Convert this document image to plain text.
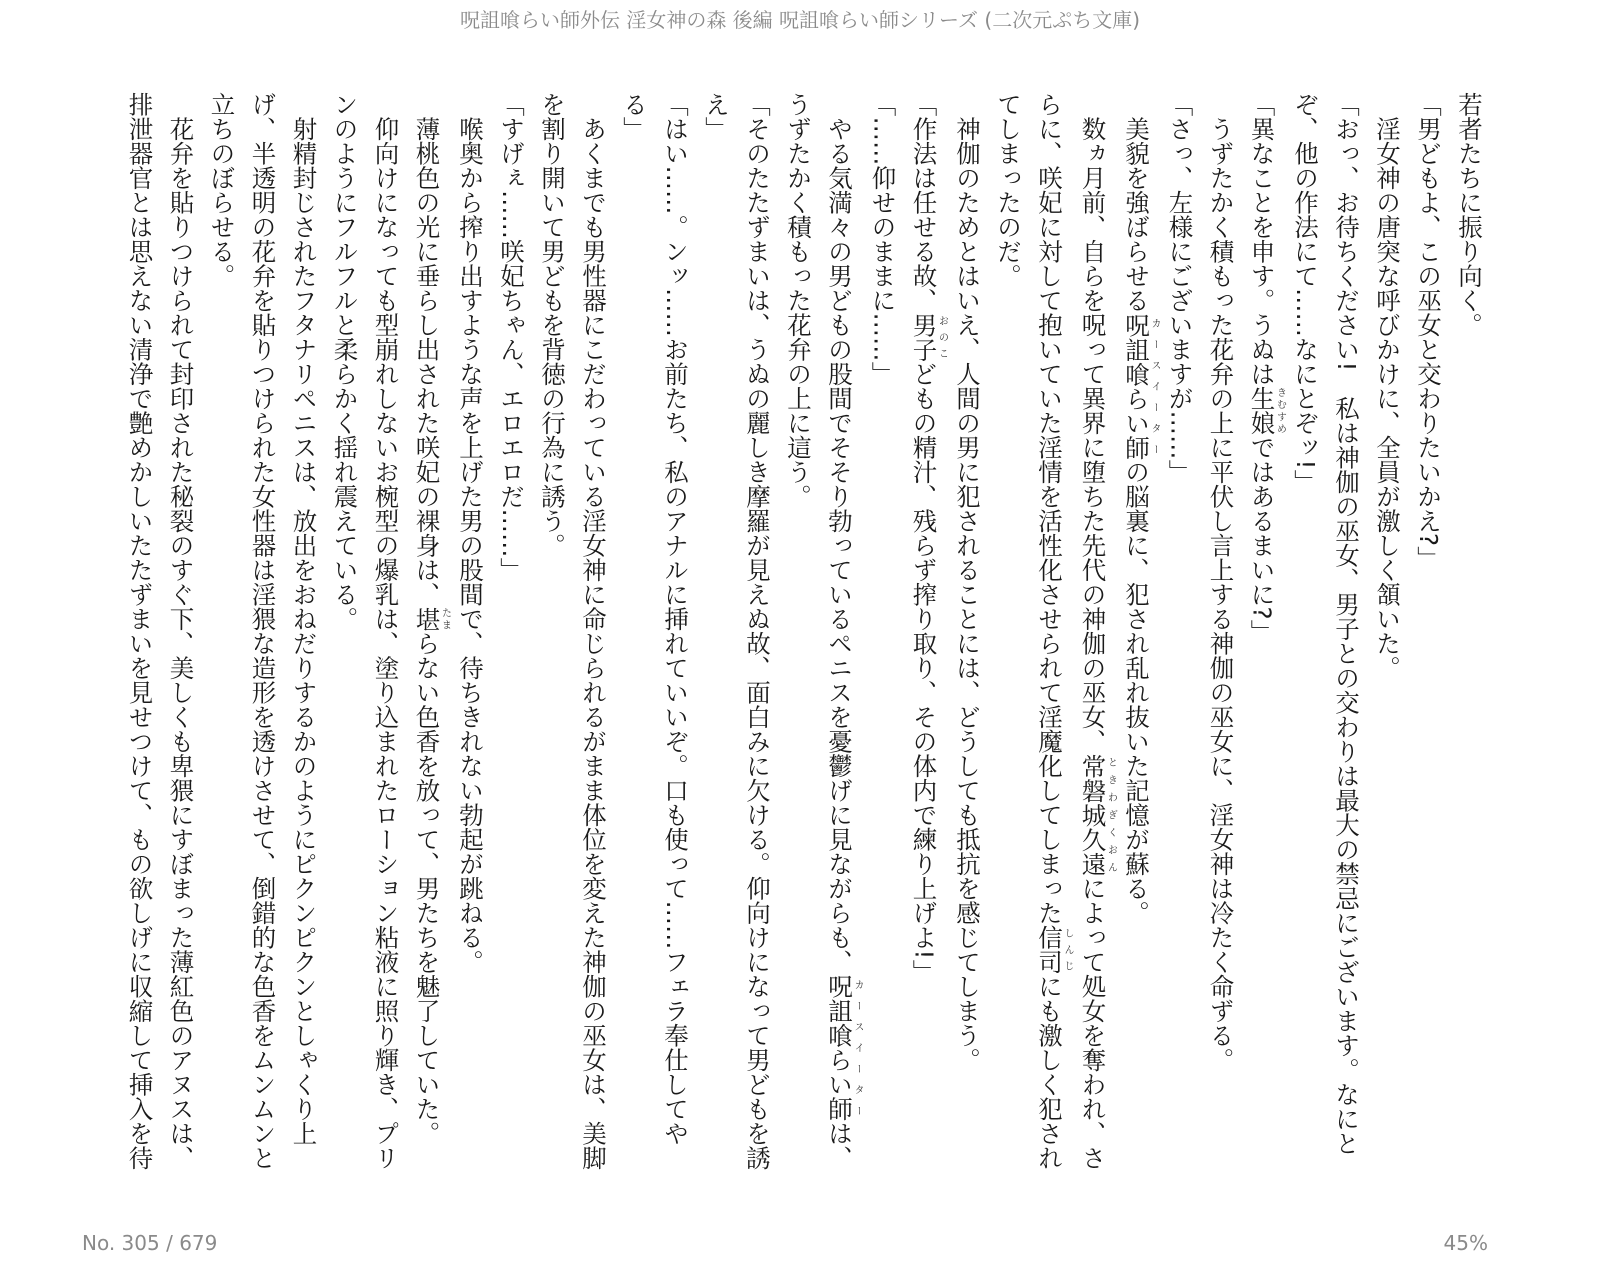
呪詛喰らい師外伝 淫女神の森 後編 呪詛喰らい師シリーズ (二次元ぷち文庫)
若者たちに振り向く。
「男どもよ、この巫女と交わりたいかえ?」
　淫女神の唐突な呼びかけに、全員が激しく頷いた。
「おっ、お待ちください!　私は神伽の巫女、男子との交わりは最大の禁忌にございます。なにと
ぞ、他の作法にて……なにとぞッ!」
「異なことを申す。うぬは生娘きむすめではあるまいに?」
　うずたかく積もった花弁の上に平伏し言上する神伽の巫女に、淫女神は冷たく命ずる。
「さっ、左様にございますが……」
　美貌を強ばらせる呪詛喰らい師カースイーターの脳裏に、犯され乱れ抜いた記憶が蘇る。
　数ヵ月前、自らを呪って異界に堕ちた先代の神伽の巫女、常磐城久遠ときわぎくおんによって処女を奪われ、さ
らに、咲妃に対して抱いていた淫情を活性化させられて淫魔化してしまった信司しんじにも激しく犯され
てしまったのだ。
　神伽のためとはいえ、人間の男に犯されることには、どうしても抵抗を感じてしまう。
「作法は任せる故、男子おのこどもの精汁、残らず搾り取り、その体内で練り上げよ!」
「……仰せのままに……」
　やる気満々の男どもの股間でそそり勃っているペニスを憂鬱げに見ながらも、呪詛喰らい師カースイーターは、
うずたかく積もった花弁の上に這う。
「そのたたずまいは、うぬの麗しき摩羅が見えぬ故、面白みに欠ける。仰向けになって男どもを誘
え」
「はい……。ンッ……お前たち、私のアナルに挿れていいぞ。口も使って……フェラ奉仕してや
る」
　あくまでも男性器にこだわっている淫女神に命じられるがまま体位を変えた神伽の巫女は、美脚
を割り開いて男どもを背徳の行為に誘う。
「すげぇ……咲妃ちゃん、エロエロだ……」
　喉奥から搾り出すような声を上げた男の股間で、待ちきれない勃起が跳ねる。
　薄桃色の光に垂らし出された咲妃の裸身は、堪たまらない色香を放って、男たちを魅了していた。
　仰向けになっても型崩れしないお椀型の爆乳は、塗り込まれたローション粘液に照り輝き、プリ
ンのようにフルフルと柔らかく揺れ震えている。
　射精封じされたフタナリペニスは、放出をおねだりするかのようにピクンピクンとしゃくり上
げ、半透明の花弁を貼りつけられた女性器は淫猥な造形を透けさせて、倒錯的な色香をムンムンと
立ちのぼらせる。
　花弁を貼りつけられて封印された秘裂のすぐ下、美しくも卑猥にすぼまった薄紅色のアヌスは、
排泄器官とは思えない清浄で艶めかしいたたずまいを見せつけて、もの欲しげに収縮して挿入を待
No. 305 / 679	45%
